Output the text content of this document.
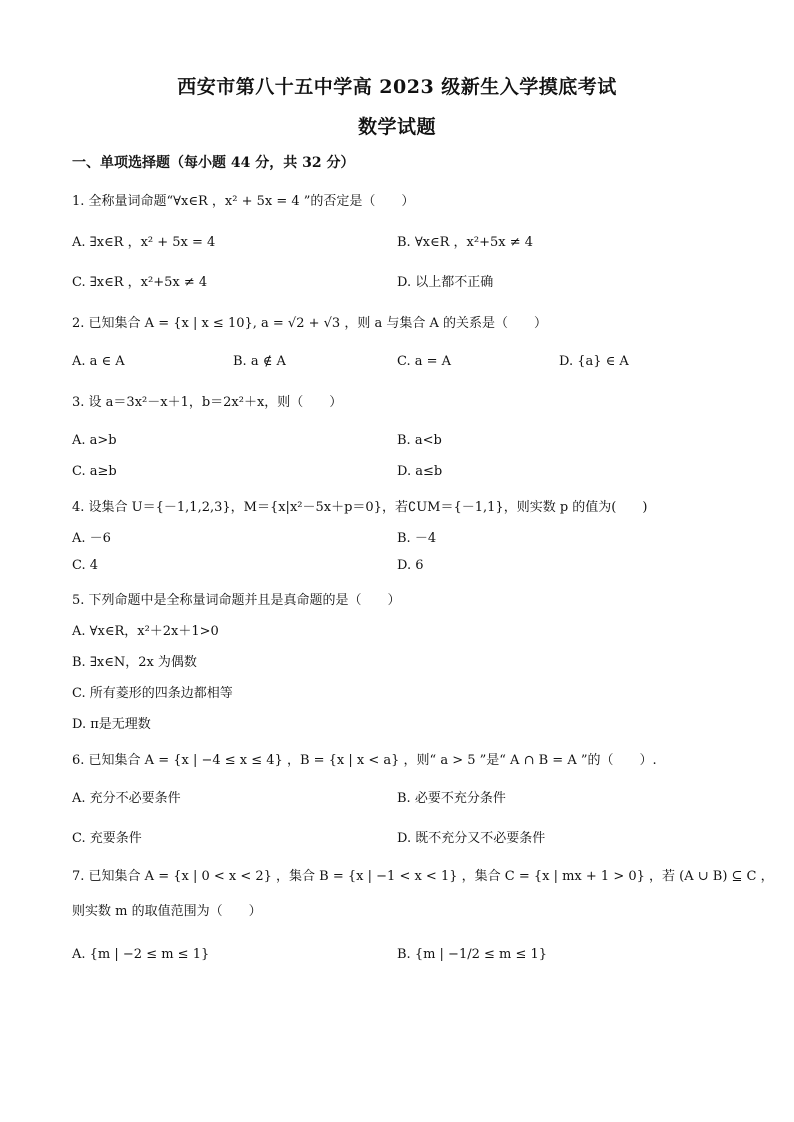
西安市第八十五中学高 2023 级新生入学摸底考试
数学试题
一、单项选择题（每小题 44 分，共 32 分）
1. 全称量词命题“∀x∈R ，x² + 5x = 4 ”的否定是（　　）
A. ∃x∈R ，x² + 5x = 4	B. ∀x∈R ，x²+5x ≠ 4
C. ∃x∈R ，x²+5x ≠ 4	D. 以上都不正确
2. 已知集合 A = {x | x ≤ 10}, a = √2 + √3 ，则 a 与集合 A 的关系是（　　）
A. a ∈ A	B. a ∉ A	C. a = A	D. {a} ∈ A
3. 设 a＝3x²－x＋1，b＝2x²＋x，则（　　）
A. a>b	B. a<b
C. a≥b	D. a≤b
4. 设集合 U＝{－1,1,2,3}，M＝{x|x²－5x＋p＝0}，若∁UM＝{－1,1}，则实数 p 的值为(　　)
A. －6	B. －4
C. 4	D. 6
5. 下列命题中是全称量词命题并且是真命题的是（　　）
A. ∀x∈R，x²＋2x＋1>0
B. ∃x∈N，2x 为偶数
C. 所有菱形的四条边都相等
D. π是无理数
6. 已知集合 A = {x | −4 ≤ x ≤ 4} ，B = {x | x < a} ，则“ a > 5 ”是“ A ∩ B = A ”的（　　）.
A. 充分不必要条件	B. 必要不充分条件
C. 充要条件	D. 既不充分又不必要条件
7. 已知集合 A = {x | 0 < x < 2} ，集合 B = {x | −1 < x < 1} ，集合 C = {x | mx + 1 > 0} ，若 (A ∪ B) ⊆ C ，
则实数 m 的取值范围为（　　）
A. {m | −2 ≤ m ≤ 1}	B. {m | −1/2 ≤ m ≤ 1}
